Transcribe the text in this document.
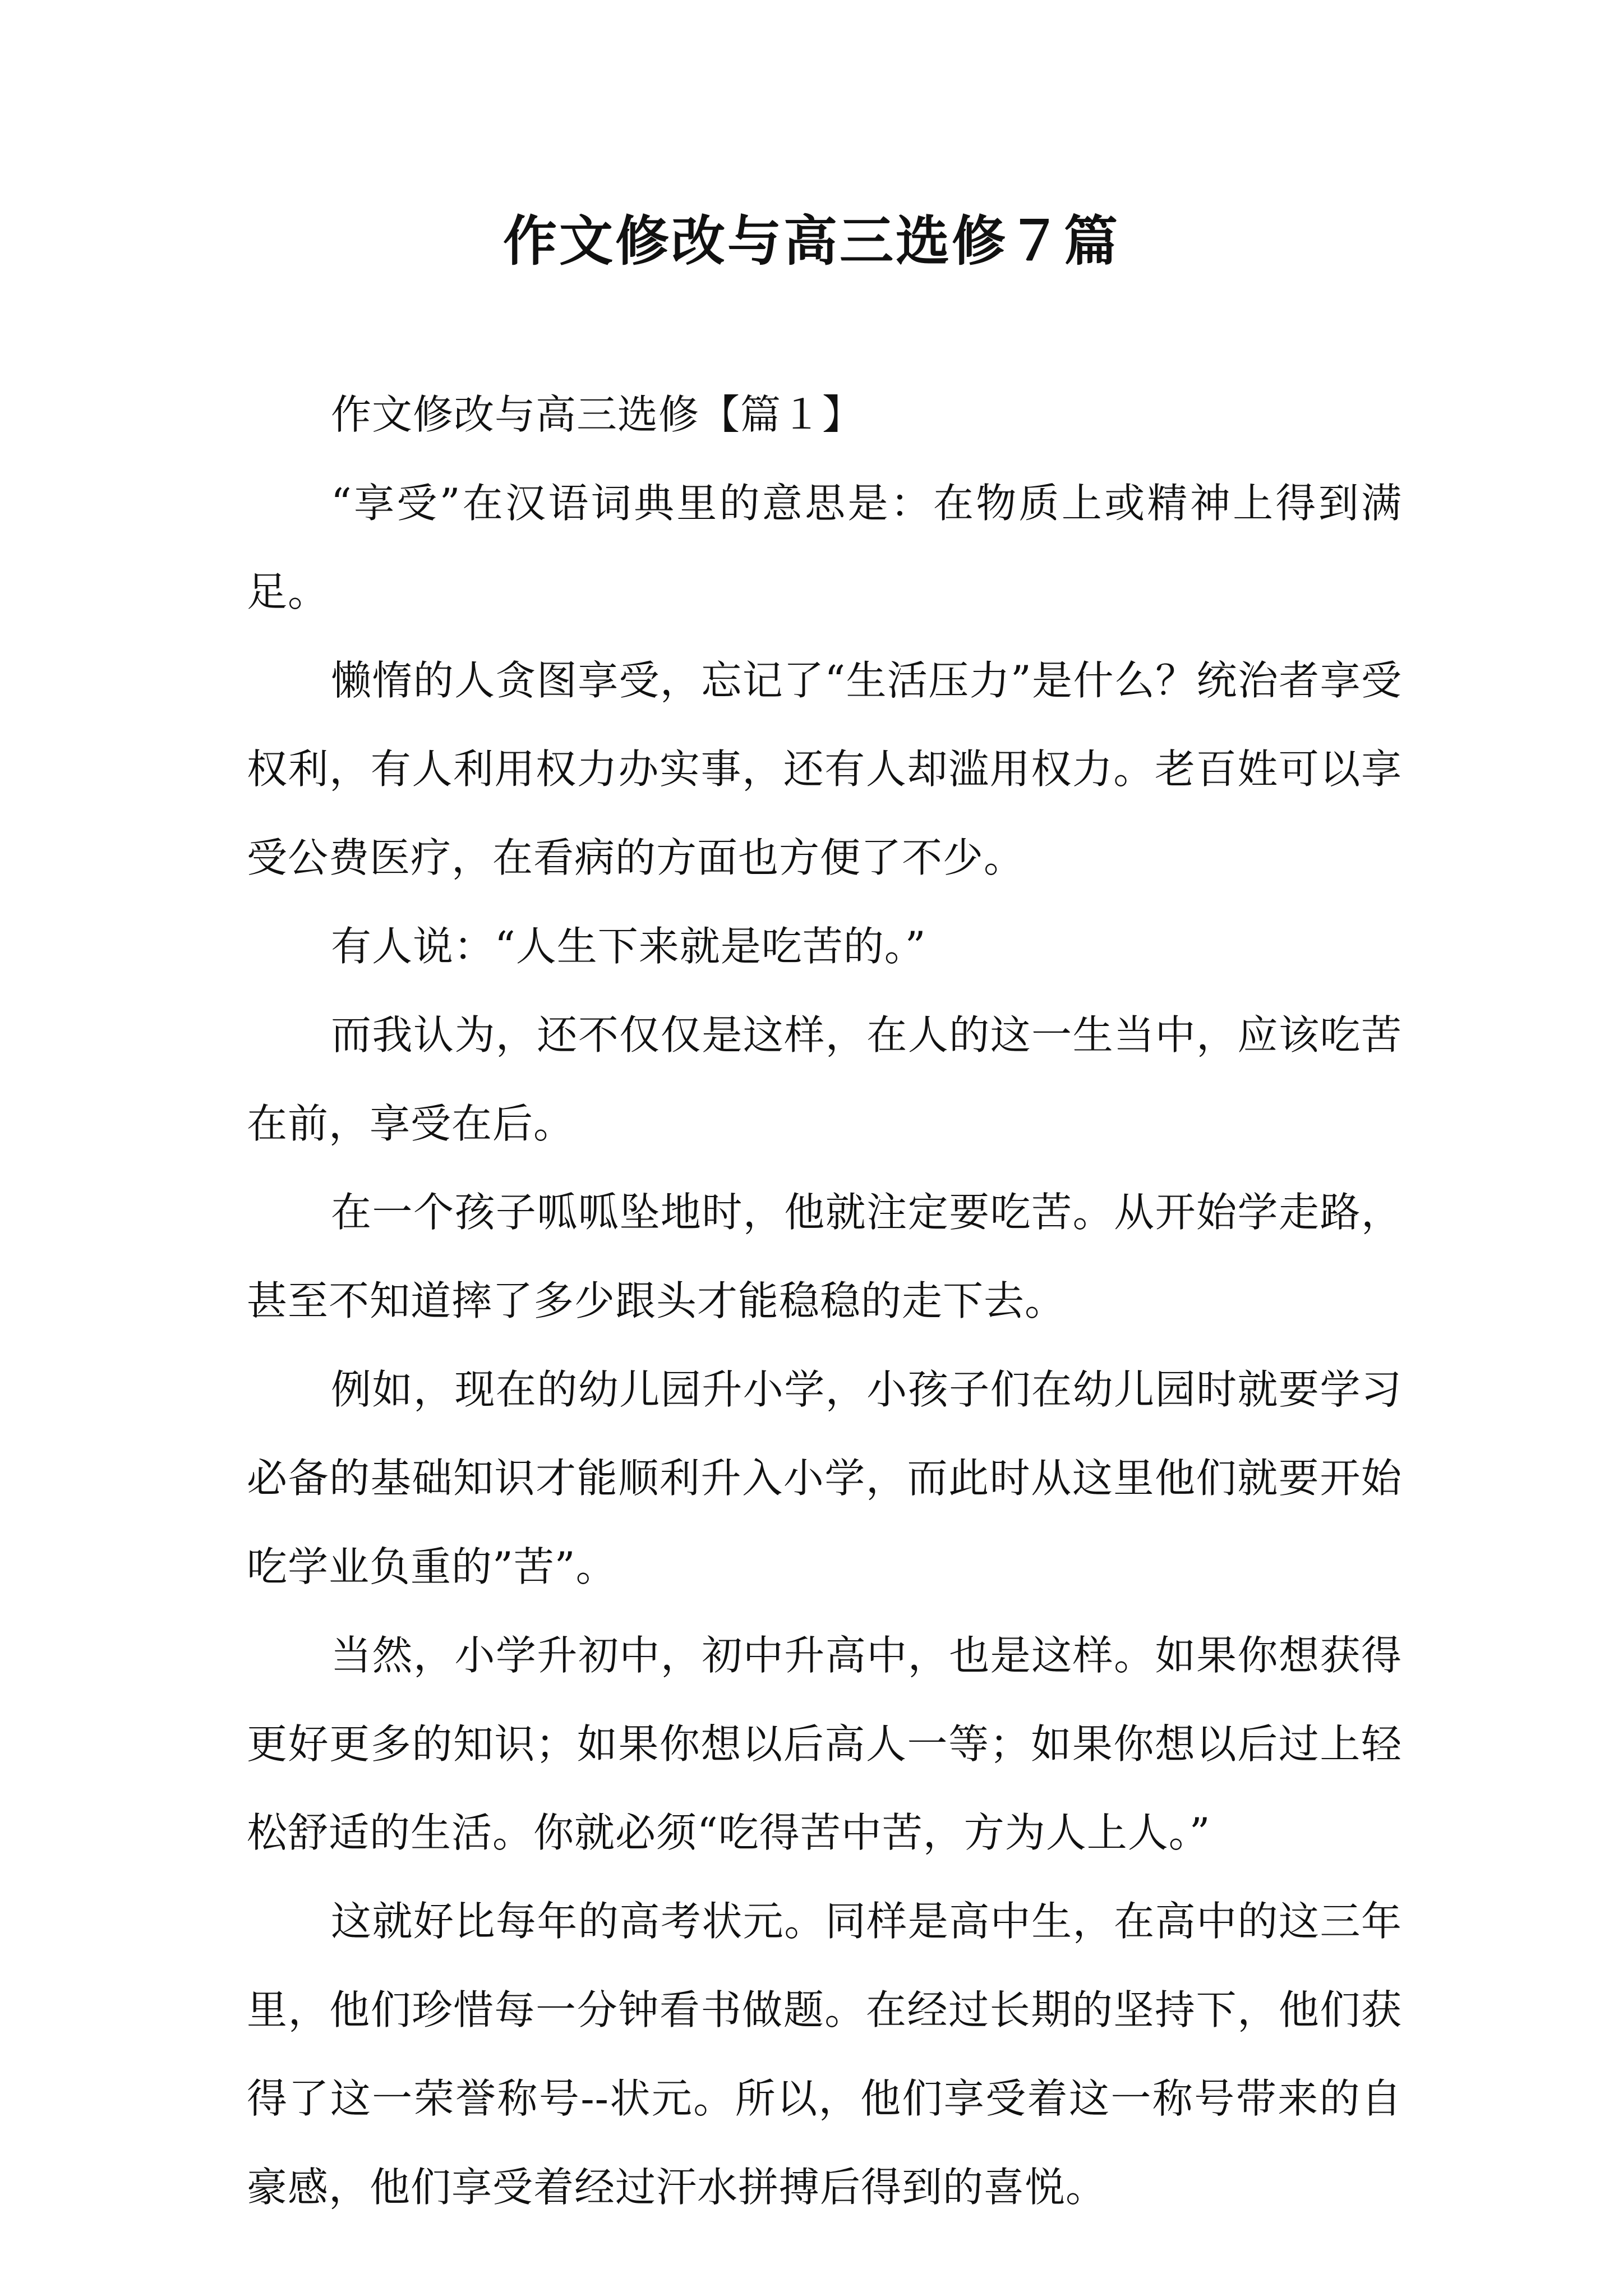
作文修改与高三选修７篇

作文修改与高三选修【篇１】

“享受”在汉语词典里的意思是：在物质上或精神上得到满足。

懒惰的人贪图享受，忘记了“生活压力”是什么？统治者享受权利，有人利用权力办实事，还有人却滥用权力。老百姓可以享受公费医疗，在看病的方面也方便了不少。

有人说：“人生下来就是吃苦的。”

而我认为，还不仅仅是这样，在人的这一生当中，应该吃苦在前，享受在后。

在一个孩子呱呱坠地时，他就注定要吃苦。从开始学走路，甚至不知道摔了多少跟头才能稳稳的走下去。

例如，现在的幼儿园升小学，小孩子们在幼儿园时就要学习必备的基础知识才能顺利升入小学，而此时从这里他们就要开始吃学业负重的”苦”。

当然，小学升初中，初中升高中，也是这样。如果你想获得更好更多的知识；如果你想以后高人一等；如果你想以后过上轻松舒适的生活。你就必须“吃得苦中苦，方为人上人。”

这就好比每年的高考状元。同样是高中生，在高中的这三年里，他们珍惜每一分钟看书做题。在经过长期的坚持下，他们获得了这一荣誉称号--状元。所以，他们享受着这一称号带来的自豪感，他们享受着经过汗水拼搏后得到的喜悦。
